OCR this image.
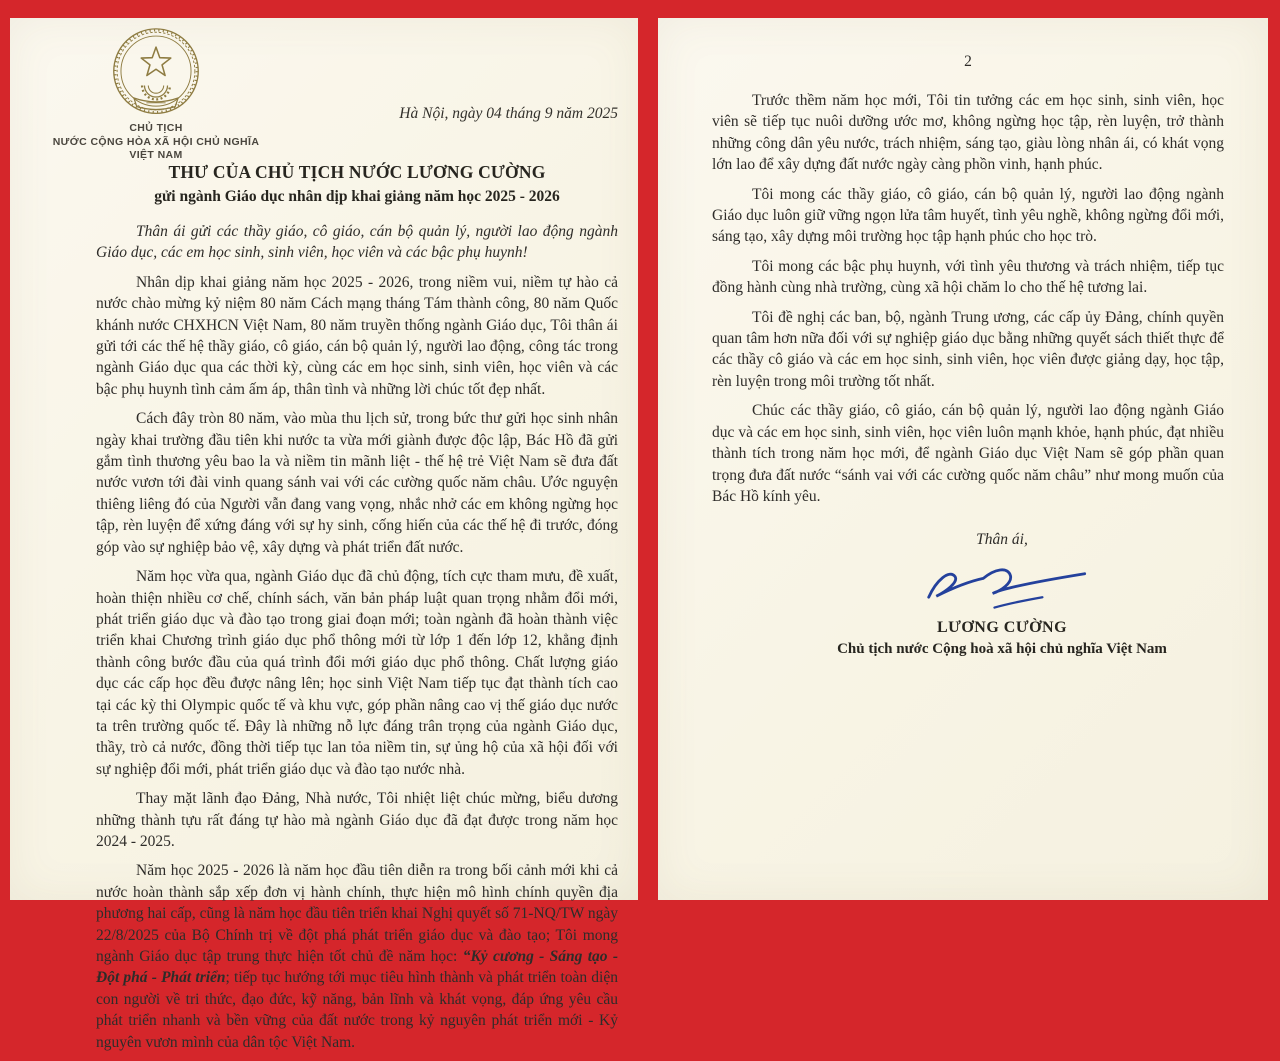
CHỦ TỊCH
NƯỚC CỘNG HÒA XÃ HỘI CHỦ NGHĨA
VIỆT NAM
Hà Nội, ngày 04 tháng 9 năm 2025
THƯ CỦA CHỦ TỊCH NƯỚC LƯƠNG CƯỜNG
gửi ngành Giáo dục nhân dịp khai giảng năm học 2025 - 2026

Thân ái gửi các thầy giáo, cô giáo, cán bộ quản lý, người lao động ngành Giáo dục, các em học sinh, sinh viên, học viên và các bậc phụ huynh!

Nhân dịp khai giảng năm học 2025 - 2026, trong niềm vui, niềm tự hào cả nước chào mừng kỷ niệm 80 năm Cách mạng tháng Tám thành công, 80 năm Quốc khánh nước CHXHCN Việt Nam, 80 năm truyền thống ngành Giáo dục, Tôi thân ái gửi tới các thế hệ thầy giáo, cô giáo, cán bộ quản lý, người lao động, công tác trong ngành Giáo dục qua các thời kỳ, cùng các em học sinh, sinh viên, học viên và các bậc phụ huynh tình cảm ấm áp, thân tình và những lời chúc tốt đẹp nhất.

Cách đây tròn 80 năm, vào mùa thu lịch sử, trong bức thư gửi học sinh nhân ngày khai trường đầu tiên khi nước ta vừa mới giành được độc lập, Bác Hồ đã gửi gắm tình thương yêu bao la và niềm tin mãnh liệt - thế hệ trẻ Việt Nam sẽ đưa đất nước vươn tới đài vinh quang sánh vai với các cường quốc năm châu. Ước nguyện thiêng liêng đó của Người vẫn đang vang vọng, nhắc nhở các em không ngừng học tập, rèn luyện để xứng đáng với sự hy sinh, cống hiến của các thế hệ đi trước, đóng góp vào sự nghiệp bảo vệ, xây dựng và phát triển đất nước.

Năm học vừa qua, ngành Giáo dục đã chủ động, tích cực tham mưu, đề xuất, hoàn thiện nhiều cơ chế, chính sách, văn bản pháp luật quan trọng nhằm đổi mới, phát triển giáo dục và đào tạo trong giai đoạn mới; toàn ngành đã hoàn thành việc triển khai Chương trình giáo dục phổ thông mới từ lớp 1 đến lớp 12, khẳng định thành công bước đầu của quá trình đổi mới giáo dục phổ thông. Chất lượng giáo dục các cấp học đều được nâng lên; học sinh Việt Nam tiếp tục đạt thành tích cao tại các kỳ thi Olympic quốc tế và khu vực, góp phần nâng cao vị thế giáo dục nước ta trên trường quốc tế. Đây là những nỗ lực đáng trân trọng của ngành Giáo dục, thầy, trò cả nước, đồng thời tiếp tục lan tỏa niềm tin, sự ủng hộ của xã hội đối với sự nghiệp đổi mới, phát triển giáo dục và đào tạo nước nhà.

Thay mặt lãnh đạo Đảng, Nhà nước, Tôi nhiệt liệt chúc mừng, biểu dương những thành tựu rất đáng tự hào mà ngành Giáo dục đã đạt được trong năm học 2024 - 2025.

Năm học 2025 - 2026 là năm học đầu tiên diễn ra trong bối cảnh mới khi cả nước hoàn thành sắp xếp đơn vị hành chính, thực hiện mô hình chính quyền địa phương hai cấp, cũng là năm học đầu tiên triển khai Nghị quyết số 71-NQ/TW ngày 22/8/2025 của Bộ Chính trị về đột phá phát triển giáo dục và đào tạo; Tôi mong ngành Giáo dục tập trung thực hiện tốt chủ đề năm học: “Kỷ cương - Sáng tạo - Đột phá - Phát triển; tiếp tục hướng tới mục tiêu hình thành và phát triển toàn diện con người về tri thức, đạo đức, kỹ năng, bản lĩnh và khát vọng, đáp ứng yêu cầu phát triển nhanh và bền vững của đất nước trong kỷ nguyên phát triển mới - Kỷ nguyên vươn mình của dân tộc Việt Nam.

2

Trước thềm năm học mới, Tôi tin tưởng các em học sinh, sinh viên, học viên sẽ tiếp tục nuôi dưỡng ước mơ, không ngừng học tập, rèn luyện, trở thành những công dân yêu nước, trách nhiệm, sáng tạo, giàu lòng nhân ái, có khát vọng lớn lao để xây dựng đất nước ngày càng phồn vinh, hạnh phúc.

Tôi mong các thầy giáo, cô giáo, cán bộ quản lý, người lao động ngành Giáo dục luôn giữ vững ngọn lửa tâm huyết, tình yêu nghề, không ngừng đổi mới, sáng tạo, xây dựng môi trường học tập hạnh phúc cho học trò.

Tôi mong các bậc phụ huynh, với tình yêu thương và trách nhiệm, tiếp tục đồng hành cùng nhà trường, cùng xã hội chăm lo cho thế hệ tương lai.

Tôi đề nghị các ban, bộ, ngành Trung ương, các cấp ủy Đảng, chính quyền quan tâm hơn nữa đối với sự nghiệp giáo dục bằng những quyết sách thiết thực để các thầy cô giáo và các em học sinh, sinh viên, học viên được giảng dạy, học tập, rèn luyện trong môi trường tốt nhất.

Chúc các thầy giáo, cô giáo, cán bộ quản lý, người lao động ngành Giáo dục và các em học sinh, sinh viên, học viên luôn mạnh khỏe, hạnh phúc, đạt nhiều thành tích trong năm học mới, để ngành Giáo dục Việt Nam sẽ góp phần quan trọng đưa đất nước “sánh vai với các cường quốc năm châu” như mong muốn của Bác Hồ kính yêu.

Thân ái,
LƯƠNG CƯỜNG
Chủ tịch nước Cộng hoà xã hội chủ nghĩa Việt Nam
